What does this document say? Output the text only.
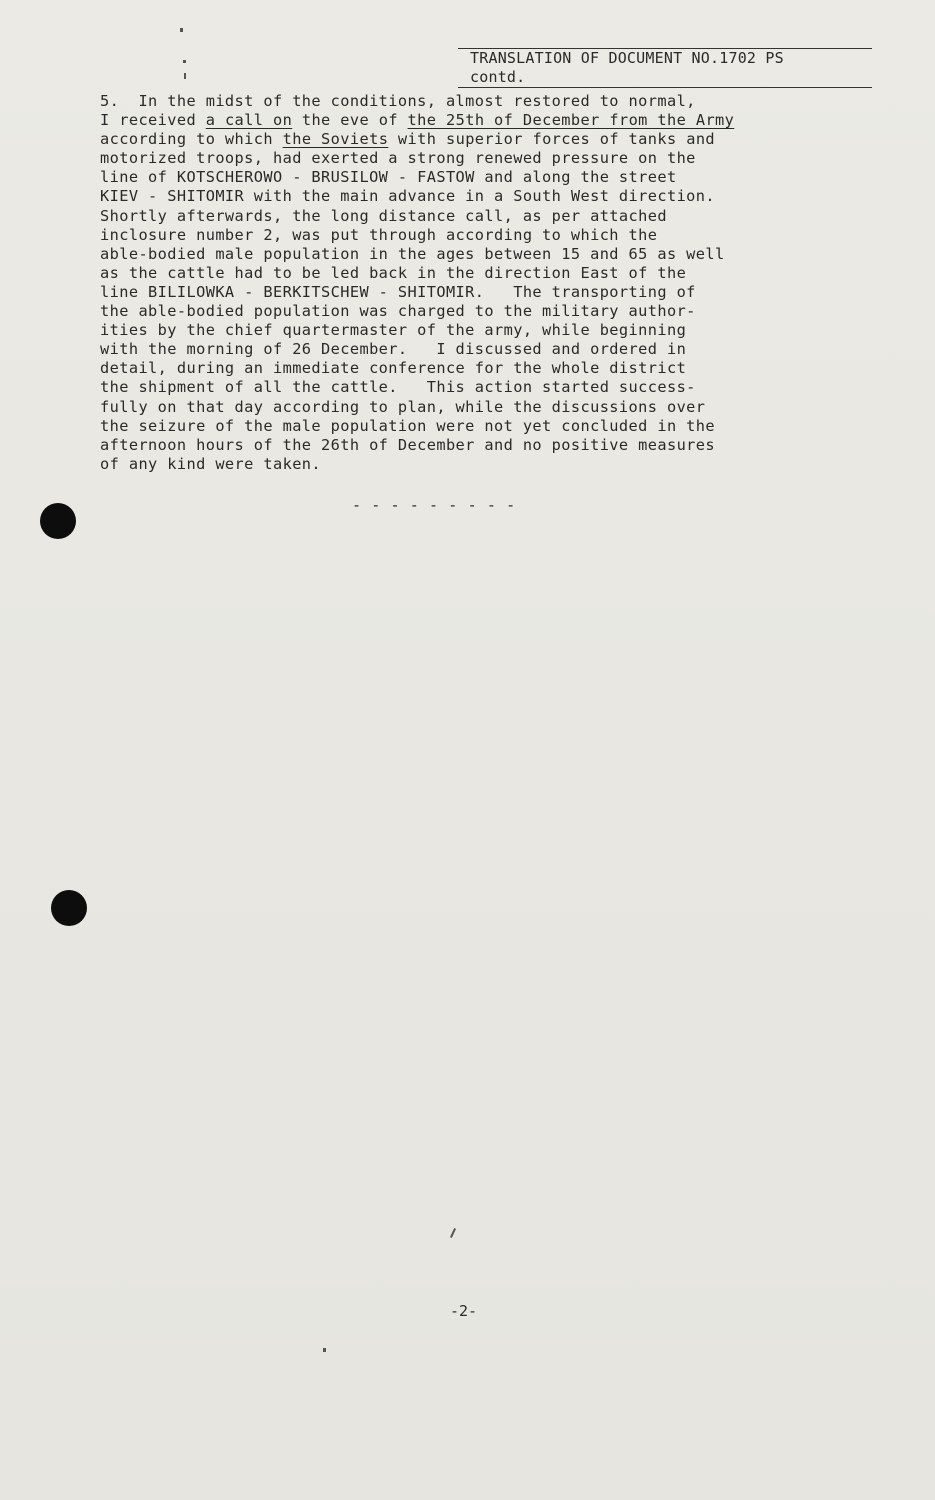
TRANSLATION OF DOCUMENT NO.1702 PS
contd.
5.  In the midst of the conditions, almost restored to normal,
I received a call on the eve of the 25th of December from the Army
according to which the Soviets with superior forces of tanks and
motorized troops, had exerted a strong renewed pressure on the
line of KOTSCHEROWO - BRUSILOW - FASTOW and along the street
KIEV - SHITOMIR with the main advance in a South West direction.
Shortly afterwards, the long distance call, as per attached
inclosure number 2, was put through according to which the
able-bodied male population in the ages between 15 and 65 as well
as the cattle had to be led back in the direction East of the
line BILILOWKA - BERKITSCHEW - SHITOMIR.   The transporting of
the able-bodied population was charged to the military author-
ities by the chief quartermaster of the army, while beginning
with the morning of 26 December.   I discussed and ordered in
detail, during an immediate conference for the whole district
the shipment of all the cattle.   This action started success-
fully on that day according to plan, while the discussions over
the seizure of the male population were not yet concluded in the
afternoon hours of the 26th of December and no positive measures
of any kind were taken.
- - - - - - - - -
-2-
